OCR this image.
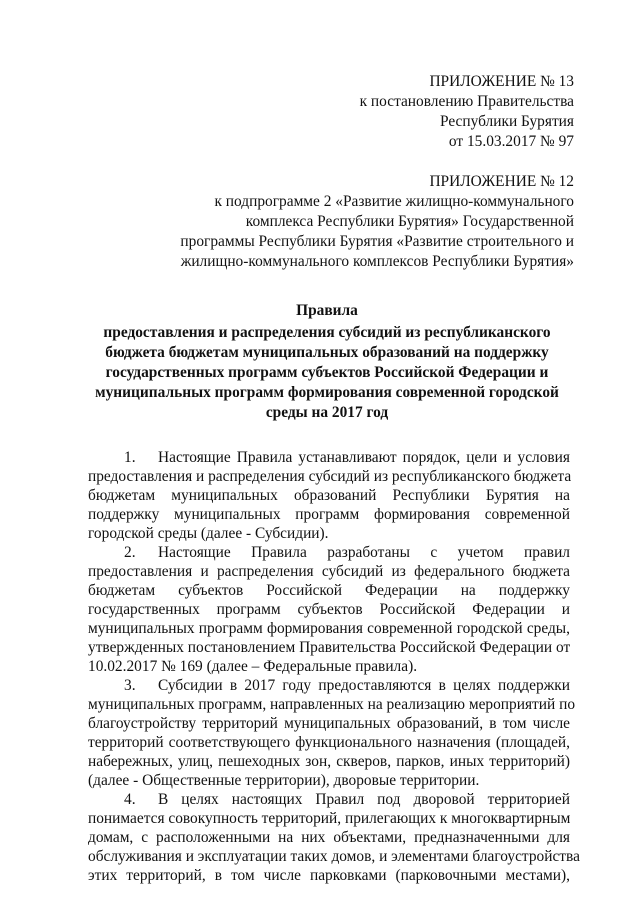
ПРИЛОЖЕНИЕ № 13
к постановлению Правительства
Республики Бурятия
от 15.03.2017 № 97
ПРИЛОЖЕНИЕ № 12
к подпрограмме 2 «Развитие жилищно-коммунального
комплекса Республики Бурятия» Государственной
программы Республики Бурятия «Развитие строительного и
жилищно-коммунального комплексов Республики Бурятия»
Правила
предоставления и распределения субсидий из республиканского
бюджета бюджетам муниципальных образований на поддержку
государственных программ субъектов Российской Федерации и
муниципальных программ формирования современной городской
среды на 2017 год
1. Настоящие Правила устанавливают порядок, цели и условия
предоставления и распределения субсидий из республиканского бюджета
бюджетам муниципальных образований Республики Бурятия на
поддержку муниципальных программ формирования современной
городской среды (далее - Субсидии).
2. Настоящие Правила разработаны с учетом правил
предоставления и распределения субсидий из федерального бюджета
бюджетам субъектов Российской Федерации на поддержку
государственных программ субъектов Российской Федерации и
муниципальных программ формирования современной городской среды,
утвержденных постановлением Правительства Российской Федерации от
10.02.2017 № 169 (далее – Федеральные правила).
3. Субсидии в 2017 году предоставляются в целях поддержки
муниципальных программ, направленных на реализацию мероприятий по
благоустройству территорий муниципальных образований, в том числе
территорий соответствующего функционального назначения (площадей,
набережных, улиц, пешеходных зон, скверов, парков, иных территорий)
(далее - Общественные территории), дворовые территории.
4. В целях настоящих Правил под дворовой территорией
понимается совокупность территорий, прилегающих к многоквартирным
домам, с расположенными на них объектами, предназначенными для
обслуживания и эксплуатации таких домов, и элементами благоустройства
этих территорий, в том числе парковками (парковочными местами),
